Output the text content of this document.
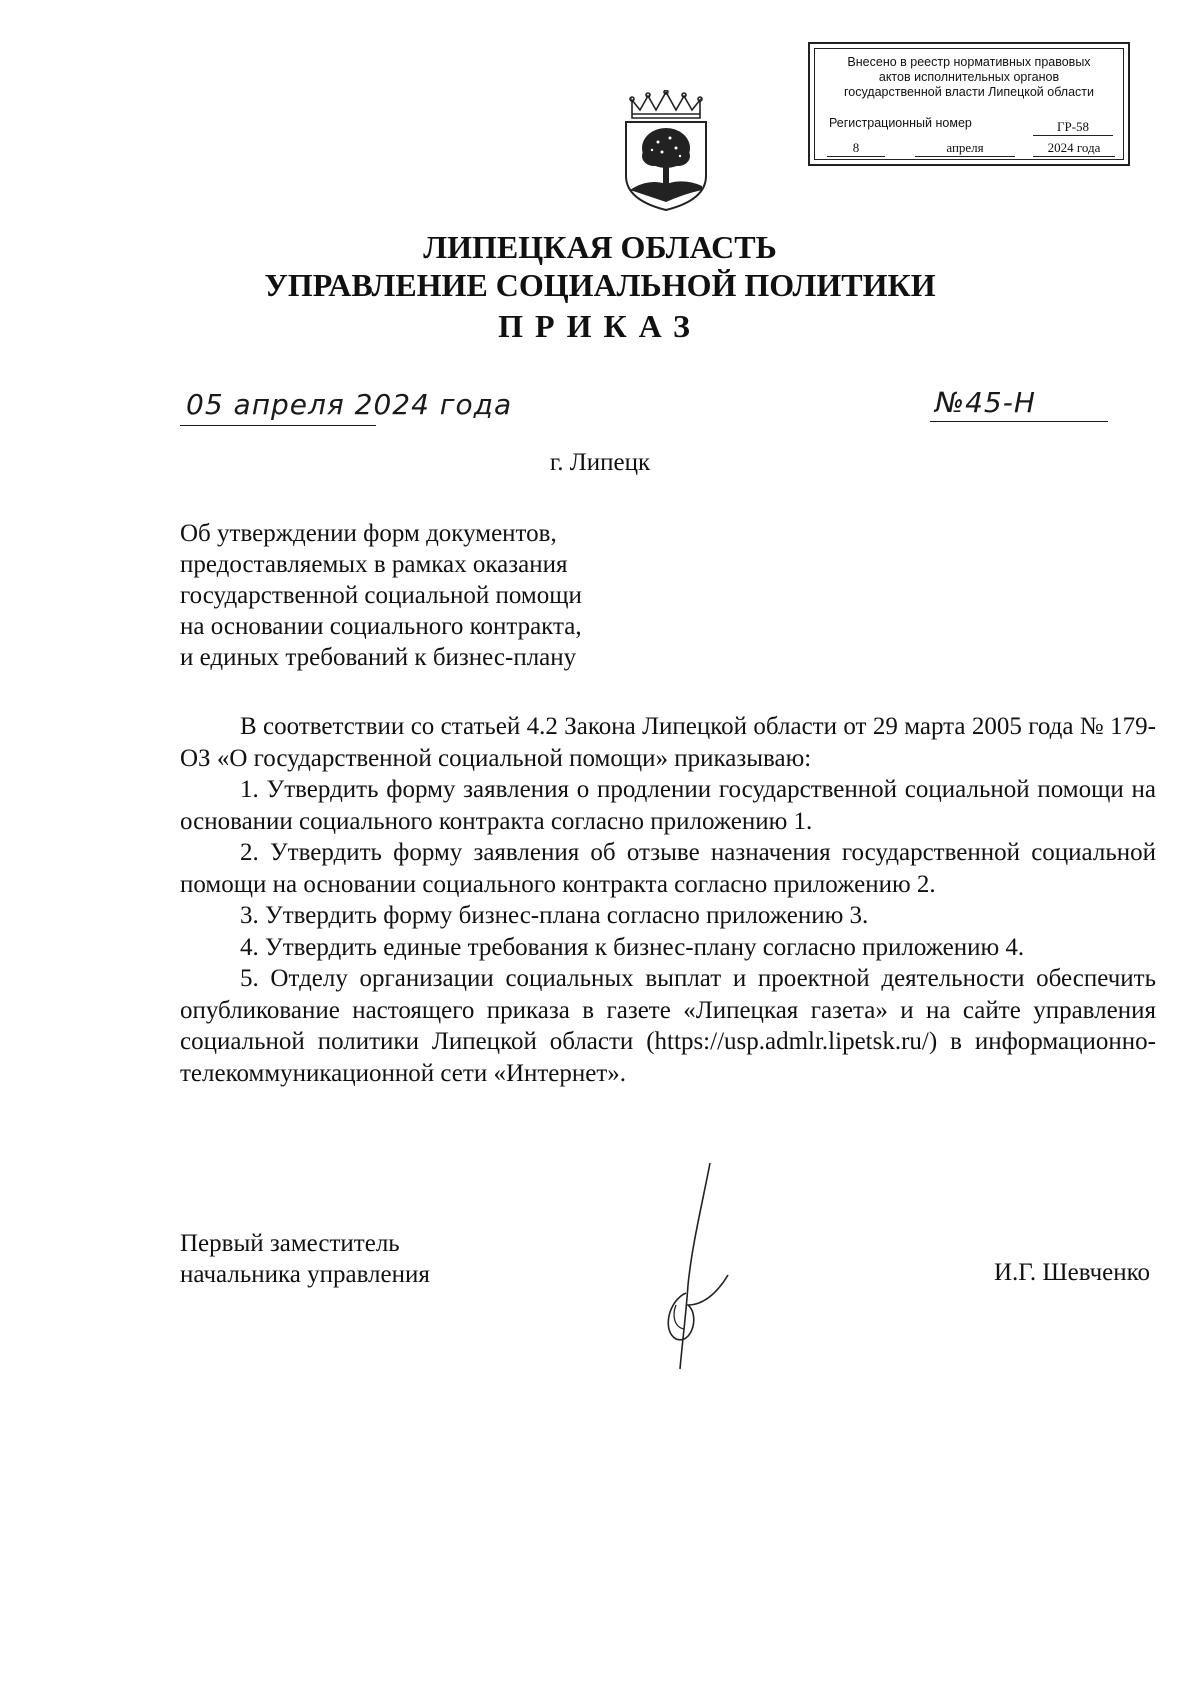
Внесено в реестр нормативных правовых
актов исполнительных органов
государственной власти Липецкой области
Регистрационный номер	ГР-58
8	апреля	2024 года
ЛИПЕЦКАЯ ОБЛАСТЬ
УПРАВЛЕНИЕ СОЦИАЛЬНОЙ ПОЛИТИКИ
ПРИКАЗ
05 апреля 2024 года	№45-Н
г. Липецк
Об утверждении форм документов,
предоставляемых в рамках оказания
государственной социальной помощи
на основании социального контракта,
и единых требований к бизнес-плану

В соответствии со статьей 4.2 Закона Липецкой области от 29 марта 2005 года № 179-ОЗ «О государственной социальной помощи» приказываю:

1. Утвердить форму заявления о продлении государственной социальной помощи на основании социального контракта согласно приложению 1.

2. Утвердить форму заявления об отзыве назначения государственной социальной помощи на основании социального контракта согласно приложению 2.

3. Утвердить форму бизнес-плана согласно приложению 3.

4. Утвердить единые требования к бизнес-плану согласно приложению 4.

5. Отделу организации социальных выплат и проектной деятельности обеспечить опубликование настоящего приказа в газете «Липецкая газета» и на сайте управления социальной политики Липецкой области (https://usp.admlr.lipetsk.ru/) в информационно-телекоммуникационной сети «Интернет».

Первый заместитель
начальника управления	И.Г. Шевченко
